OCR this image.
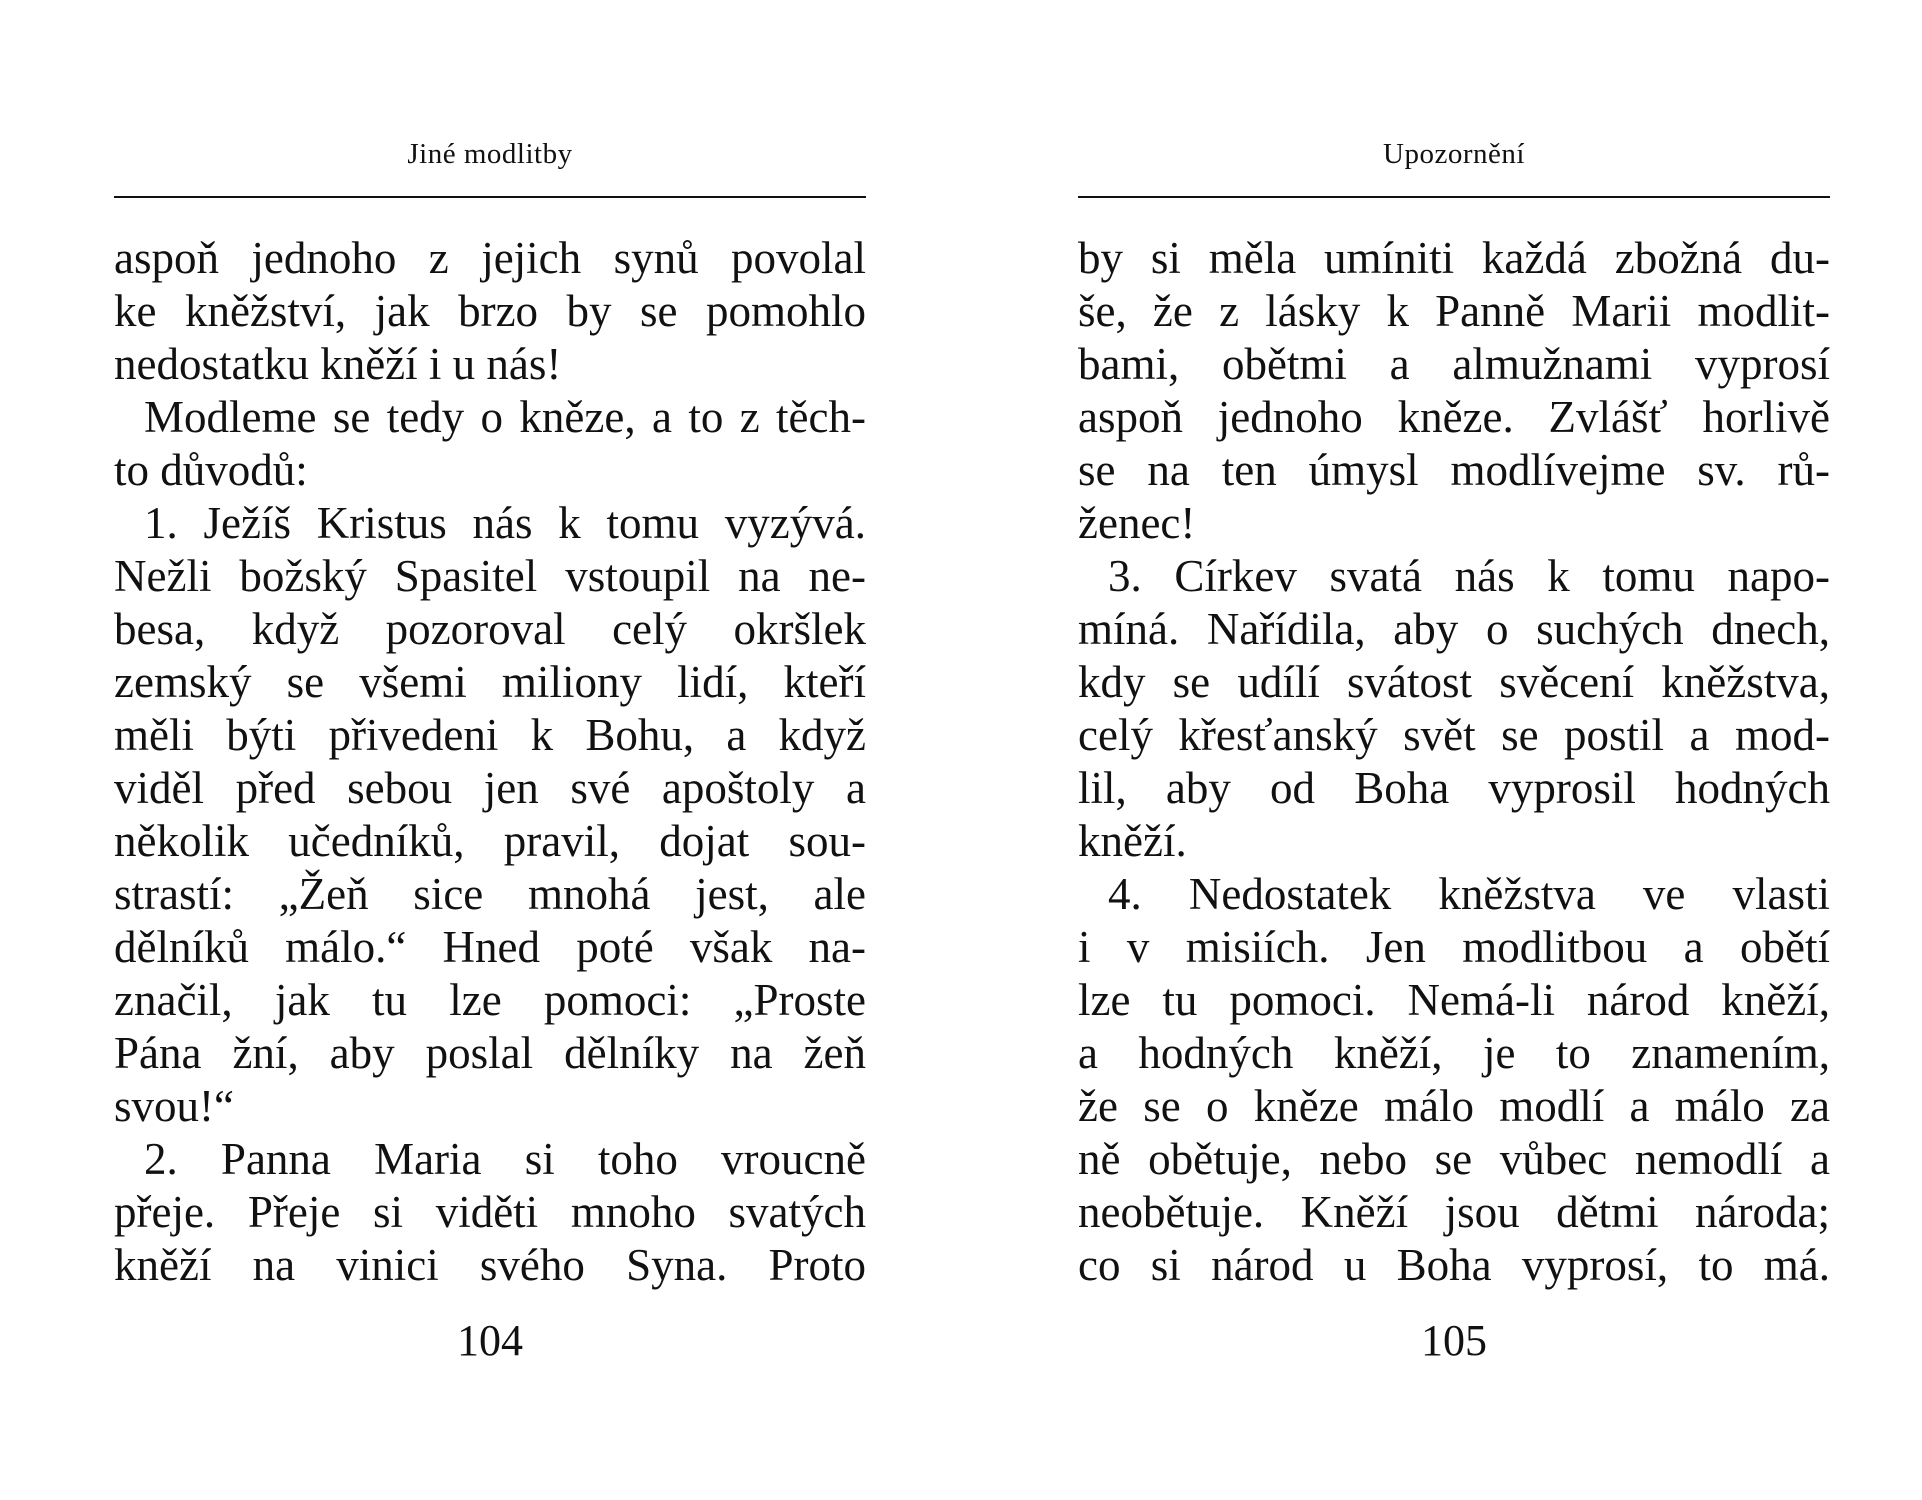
Jiné modlitby
aspoň jednoho z jejich synů povolal
ke kněžství, jak brzo by se pomohlo
nedostatku kněží i u nás!
Modleme se tedy o kněze, a to z těch-
to důvodů:
1. Ježíš Kristus nás k tomu vyzývá.
Nežli božský Spasitel vstoupil na ne-
besa, když pozoroval celý okršlek
zemský se všemi miliony lidí, kteří
měli býti přivedeni k Bohu, a když
viděl před sebou jen své apoštoly a
několik učedníků, pravil, dojat sou-
strastí: „Žeň sice mnohá jest, ale
dělníků málo.“ Hned poté však na-
značil, jak tu lze pomoci: „Proste
Pána žní, aby poslal dělníky na žeň
svou!“
2. Panna Maria si toho vroucně
přeje. Přeje si viděti mnoho svatých
kněží na vinici svého Syna. Proto
104
Upozornění
by si měla umíniti každá zbožná du-
še, že z lásky k Panně Marii modlit-
bami, obětmi a almužnami vyprosí
aspoň jednoho kněze. Zvlášť horlivě
se na ten úmysl modlívejme sv. rů-
ženec!
3. Církev svatá nás k tomu napo-
míná. Nařídila, aby o suchých dnech,
kdy se udílí svátost svěcení kněžstva,
celý křesťanský svět se postil a mod-
lil, aby od Boha vyprosil hodných
kněží.
4. Nedostatek kněžstva ve vlasti
i v misiích. Jen modlitbou a obětí
lze tu pomoci. Nemá-li národ kněží,
a hodných kněží, je to znamením,
že se o kněze málo modlí a málo za
ně obětuje, nebo se vůbec nemodlí a
neobětuje. Kněží jsou dětmi národa;
co si národ u Boha vyprosí, to má.
105
